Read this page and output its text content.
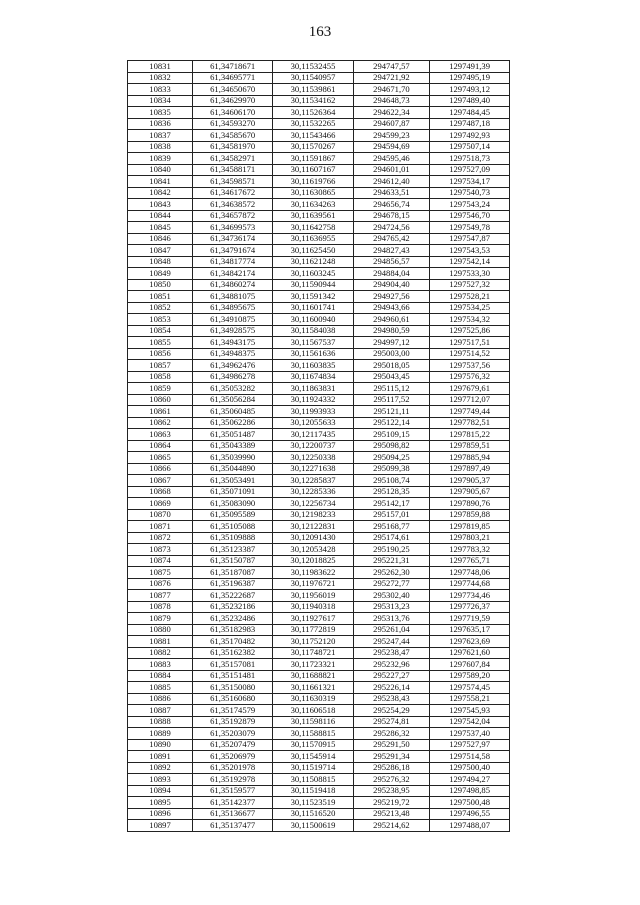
163
10831	61,34718671	30,11532455	294747,57	1297491,39
10832	61,34695771	30,11540957	294721,92	1297495,19
10833	61,34650670	30,11539861	294671,70	1297493,12
10834	61,34629970	30,11534162	294648,73	1297489,40
10835	61,34606170	30,11526364	294622,34	1297484,45
10836	61,34593270	30,11532265	294607,87	1297487,18
10837	61,34585670	30,11543466	294599,23	1297492,93
10838	61,34581970	30,11570267	294594,69	1297507,14
10839	61,34582971	30,11591867	294595,46	1297518,73
10840	61,34588171	30,11607167	294601,01	1297527,09
10841	61,34598571	30,11619766	294612,40	1297534,17
10842	61,34617672	30,11630865	294633,51	1297540,73
10843	61,34638572	30,11634263	294656,74	1297543,24
10844	61,34657872	30,11639561	294678,15	1297546,70
10845	61,34699573	30,11642758	294724,56	1297549,78
10846	61,34736174	30,11636955	294765,42	1297547,87
10847	61,34791674	30,11625450	294827,43	1297543,53
10848	61,34817774	30,11621248	294856,57	1297542,14
10849	61,34842174	30,11603245	294884,04	1297533,30
10850	61,34860274	30,11590944	294904,40	1297527,32
10851	61,34881075	30,11591342	294927,56	1297528,21
10852	61,34895675	30,11601741	294943,66	1297534,25
10853	61,34910875	30,11600940	294960,61	1297534,32
10854	61,34928575	30,11584038	294980,59	1297525,86
10855	61,34943175	30,11567537	294997,12	1297517,51
10856	61,34948375	30,11561636	295003,00	1297514,52
10857	61,34962476	30,11603835	295018,05	1297537,56
10858	61,34986278	30,11674834	295043,45	1297576,32
10859	61,35053282	30,11863831	295115,12	1297679,61
10860	61,35056284	30,11924332	295117,52	1297712,07
10861	61,35060485	30,11993933	295121,11	1297749,44
10862	61,35062286	30,12055633	295122,14	1297782,51
10863	61,35051487	30,12117435	295109,15	1297815,22
10864	61,35043389	30,12200737	295098,82	1297859,51
10865	61,35039990	30,12250338	295094,25	1297885,94
10866	61,35044890	30,12271638	295099,38	1297897,49
10867	61,35053491	30,12285837	295108,74	1297905,37
10868	61,35071091	30,12285336	295128,35	1297905,67
10869	61,35083090	30,12256734	295142,17	1297890,76
10870	61,35095589	30,12198233	295157,01	1297859,88
10871	61,35105088	30,12122831	295168,77	1297819,85
10872	61,35109888	30,12091430	295174,61	1297803,21
10873	61,35123387	30,12053428	295190,25	1297783,32
10874	61,35150787	30,12018825	295221,31	1297765,71
10875	61,35187087	30,11983622	295262,30	1297748,06
10876	61,35196387	30,11976721	295272,77	1297744,68
10877	61,35222687	30,11956019	295302,40	1297734,46
10878	61,35232186	30,11940318	295313,23	1297726,37
10879	61,35232486	30,11927617	295313,76	1297719,59
10880	61,35182983	30,11772819	295261,04	1297635,17
10881	61,35170482	30,11752120	295247,44	1297623,69
10882	61,35162382	30,11748721	295238,47	1297621,60
10883	61,35157081	30,11723321	295232,96	1297607,84
10884	61,35151481	30,11688821	295227,27	1297589,20
10885	61,35150080	30,11661321	295226,14	1297574,45
10886	61,35160680	30,11630319	295238,43	1297558,21
10887	61,35174579	30,11606518	295254,29	1297545,93
10888	61,35192879	30,11598116	295274,81	1297542,04
10889	61,35203079	30,11588815	295286,32	1297537,40
10890	61,35207479	30,11570915	295291,50	1297527,97
10891	61,35206979	30,11545914	295291,34	1297514,58
10892	61,35201978	30,11519714	295286,18	1297500,40
10893	61,35192978	30,11508815	295276,32	1297494,27
10894	61,35159577	30,11519418	295238,95	1297498,85
10895	61,35142377	30,11523519	295219,72	1297500,48
10896	61,35136677	30,11516520	295213,48	1297496,55
10897	61,35137477	30,11500619	295214,62	1297488,07
